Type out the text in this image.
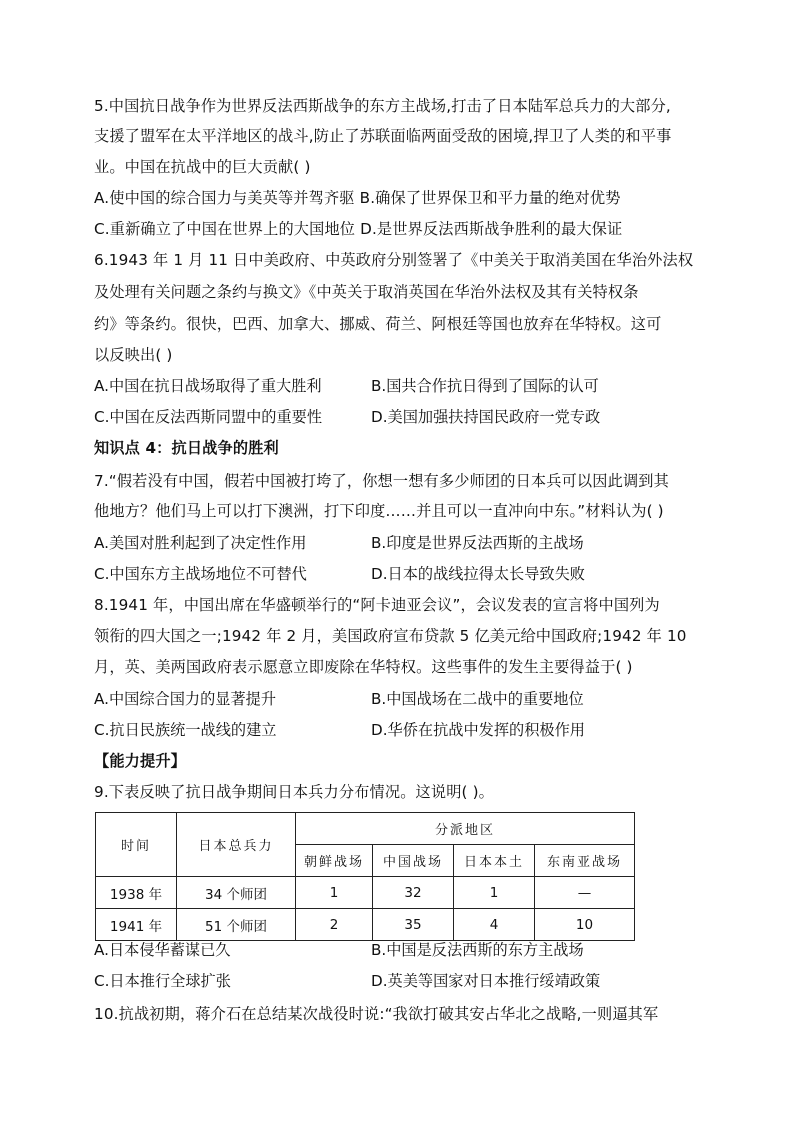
5.中国抗日战争作为世界反法西斯战争的东方主战场,打击了日本陆军总兵力的大部分,
支援了盟军在太平洋地区的战斗,防止了苏联面临两面受敌的困境,捍卫了人类的和平事
业。中国在抗战中的巨大贡献( )
A.使中国的综合国力与美英等并驾齐驱 B.确保了世界保卫和平力量的绝对优势
C.重新确立了中国在世界上的大国地位 D.是世界反法西斯战争胜利的最大保证
6.1943 年 1 月 11 日中美政府、中英政府分别签署了《中美关于取消美国在华治外法权
及处理有关问题之条约与换文》《中英关于取消英国在华治外法权及其有关特权条
约》等条约。很快，巴西、加拿大、挪威、荷兰、阿根廷等国也放弃在华特权。这可
以反映出( )
A.中国在抗日战场取得了重大胜利	B.国共合作抗日得到了国际的认可
C.中国在反法西斯同盟中的重要性	D.美国加强扶持国民政府一党专政
知识点 4：抗日战争的胜利
7.“假若没有中国，假若中国被打垮了，你想一想有多少师团的日本兵可以因此调到其
他地方？他们马上可以打下澳洲，打下印度……并且可以一直冲向中东。”材料认为( )
A.美国对胜利起到了决定性作用	B.印度是世界反法西斯的主战场
C.中国东方主战场地位不可替代	D.日本的战线拉得太长导致失败
8.1941 年，中国出席在华盛顿举行的“阿卡迪亚会议”，会议发表的宣言将中国列为
领衔的四大国之一;1942 年 2 月，美国政府宣布贷款 5 亿美元给中国政府;1942 年 10
月，英、美两国政府表示愿意立即废除在华特权。这些事件的发生主要得益于( )
A.中国综合国力的显著提升	B.中国战场在二战中的重要地位
C.抗日民族统一战线的建立	D.华侨在抗战中发挥的积极作用
【能力提升】
9.下表反映了抗日战争期间日本兵力分布情况。这说明( )。
时间	日本总兵力	分派地区			
		朝鲜战场	中国战场	日本本土	东南亚战场
1938 年	34 个师团	1	32	1	—
1941 年	51 个师团	2	35	4	10
A.日本侵华蓄谋已久	B.中国是反法西斯的东方主战场
C.日本推行全球扩张	D.英美等国家对日本推行绥靖政策
10.抗战初期，蒋介石在总结某次战役时说:“我欲打破其安占华北之战略,一则逼其军
